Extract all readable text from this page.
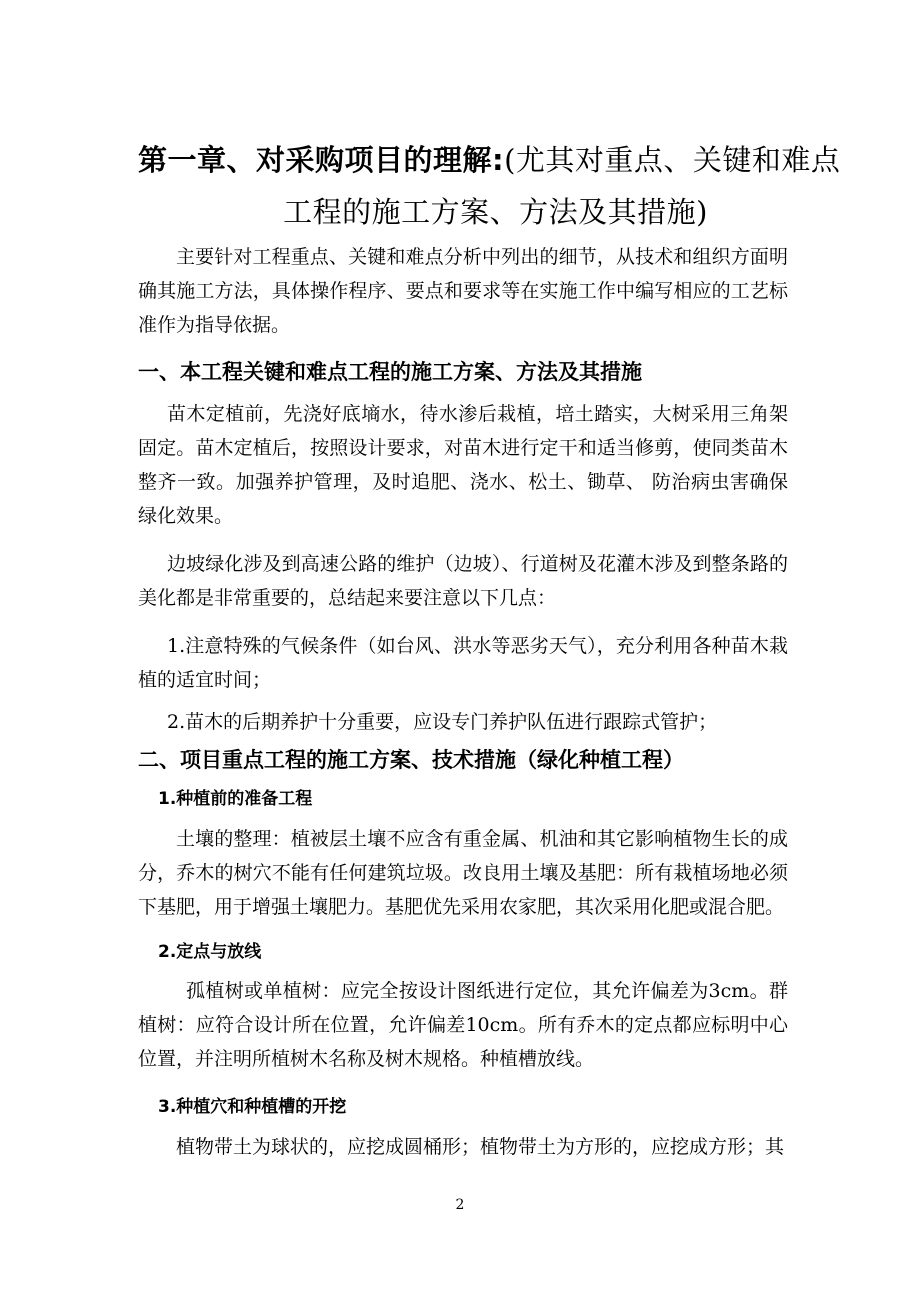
第一章、对采购项目的理解:(尤其对重点、关键和难点
工程的施工方案、方法及其措施)
主要针对工程重点、关键和难点分析中列出的细节，从技术和组织方面明确其施工方法，具体操作程序、要点和要求等在实施工作中编写相应的工艺标准作为指导依据。
一、本工程关键和难点工程的施工方案、方法及其措施
苗木定植前，先浇好底墒水，待水渗后栽植，培土踏实，大树采用三角架固定。苗木定植后，按照设计要求，对苗木进行定干和适当修剪，使同类苗木整齐一致。加强养护管理，及时追肥、浇水、松土、锄草、 防治病虫害确保绿化效果。
边坡绿化涉及到高速公路的维护（边坡）、行道树及花灌木涉及到整条路的美化都是非常重要的，总结起来要注意以下几点：
1.注意特殊的气候条件（如台风、洪水等恶劣天气），充分利用各种苗木栽植的适宜时间；
2.苗木的后期养护十分重要，应设专门养护队伍进行跟踪式管护；
二、项目重点工程的施工方案、技术措施（绿化种植工程）
1.种植前的准备工程
土壤的整理：植被层土壤不应含有重金属、机油和其它影响植物生长的成分，乔木的树穴不能有任何建筑垃圾。改良用土壤及基肥：所有栽植场地必须下基肥，用于增强土壤肥力。基肥优先采用农家肥，其次采用化肥或混合肥。
2.定点与放线
孤植树或单植树：应完全按设计图纸进行定位，其允许偏差为3cm。群植树：应符合设计所在位置，允许偏差10cm。所有乔木的定点都应标明中心位置，并注明所植树木名称及树木规格。种植槽放线。
3.种植穴和种植槽的开挖
植物带土为球状的，应挖成圆桶形；植物带土为方形的，应挖成方形；其
2
